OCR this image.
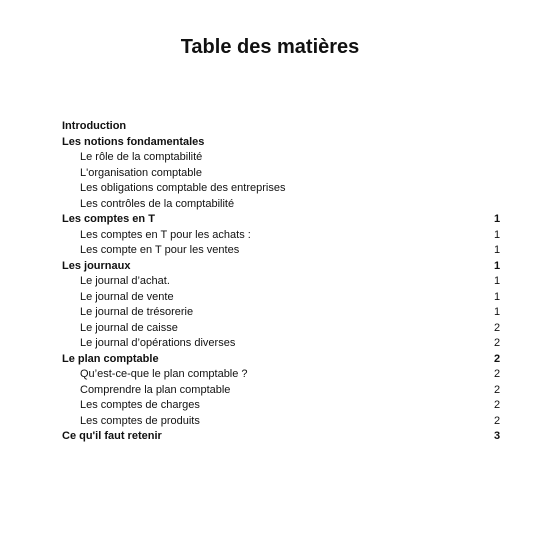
Table des matières
Introduction
Les notions fondamentales
Le rôle de la comptabilité
L'organisation comptable
Les obligations comptable des entreprises
Les contrôles de la comptabilité
Les comptes en T	1
Les comptes en T pour les achats :	1
Les compte en T pour les ventes	1
Les journaux	1
Le journal d’achat.	1
Le journal de vente	1
Le journal de trésorerie	1
Le journal de caisse	2
Le journal d’opérations diverses	2
Le plan comptable	2
Qu’est-ce-que le plan comptable ?	2
Comprendre la plan comptable	2
Les comptes de charges	2
Les comptes de produits	2
Ce qu'il faut retenir	3
